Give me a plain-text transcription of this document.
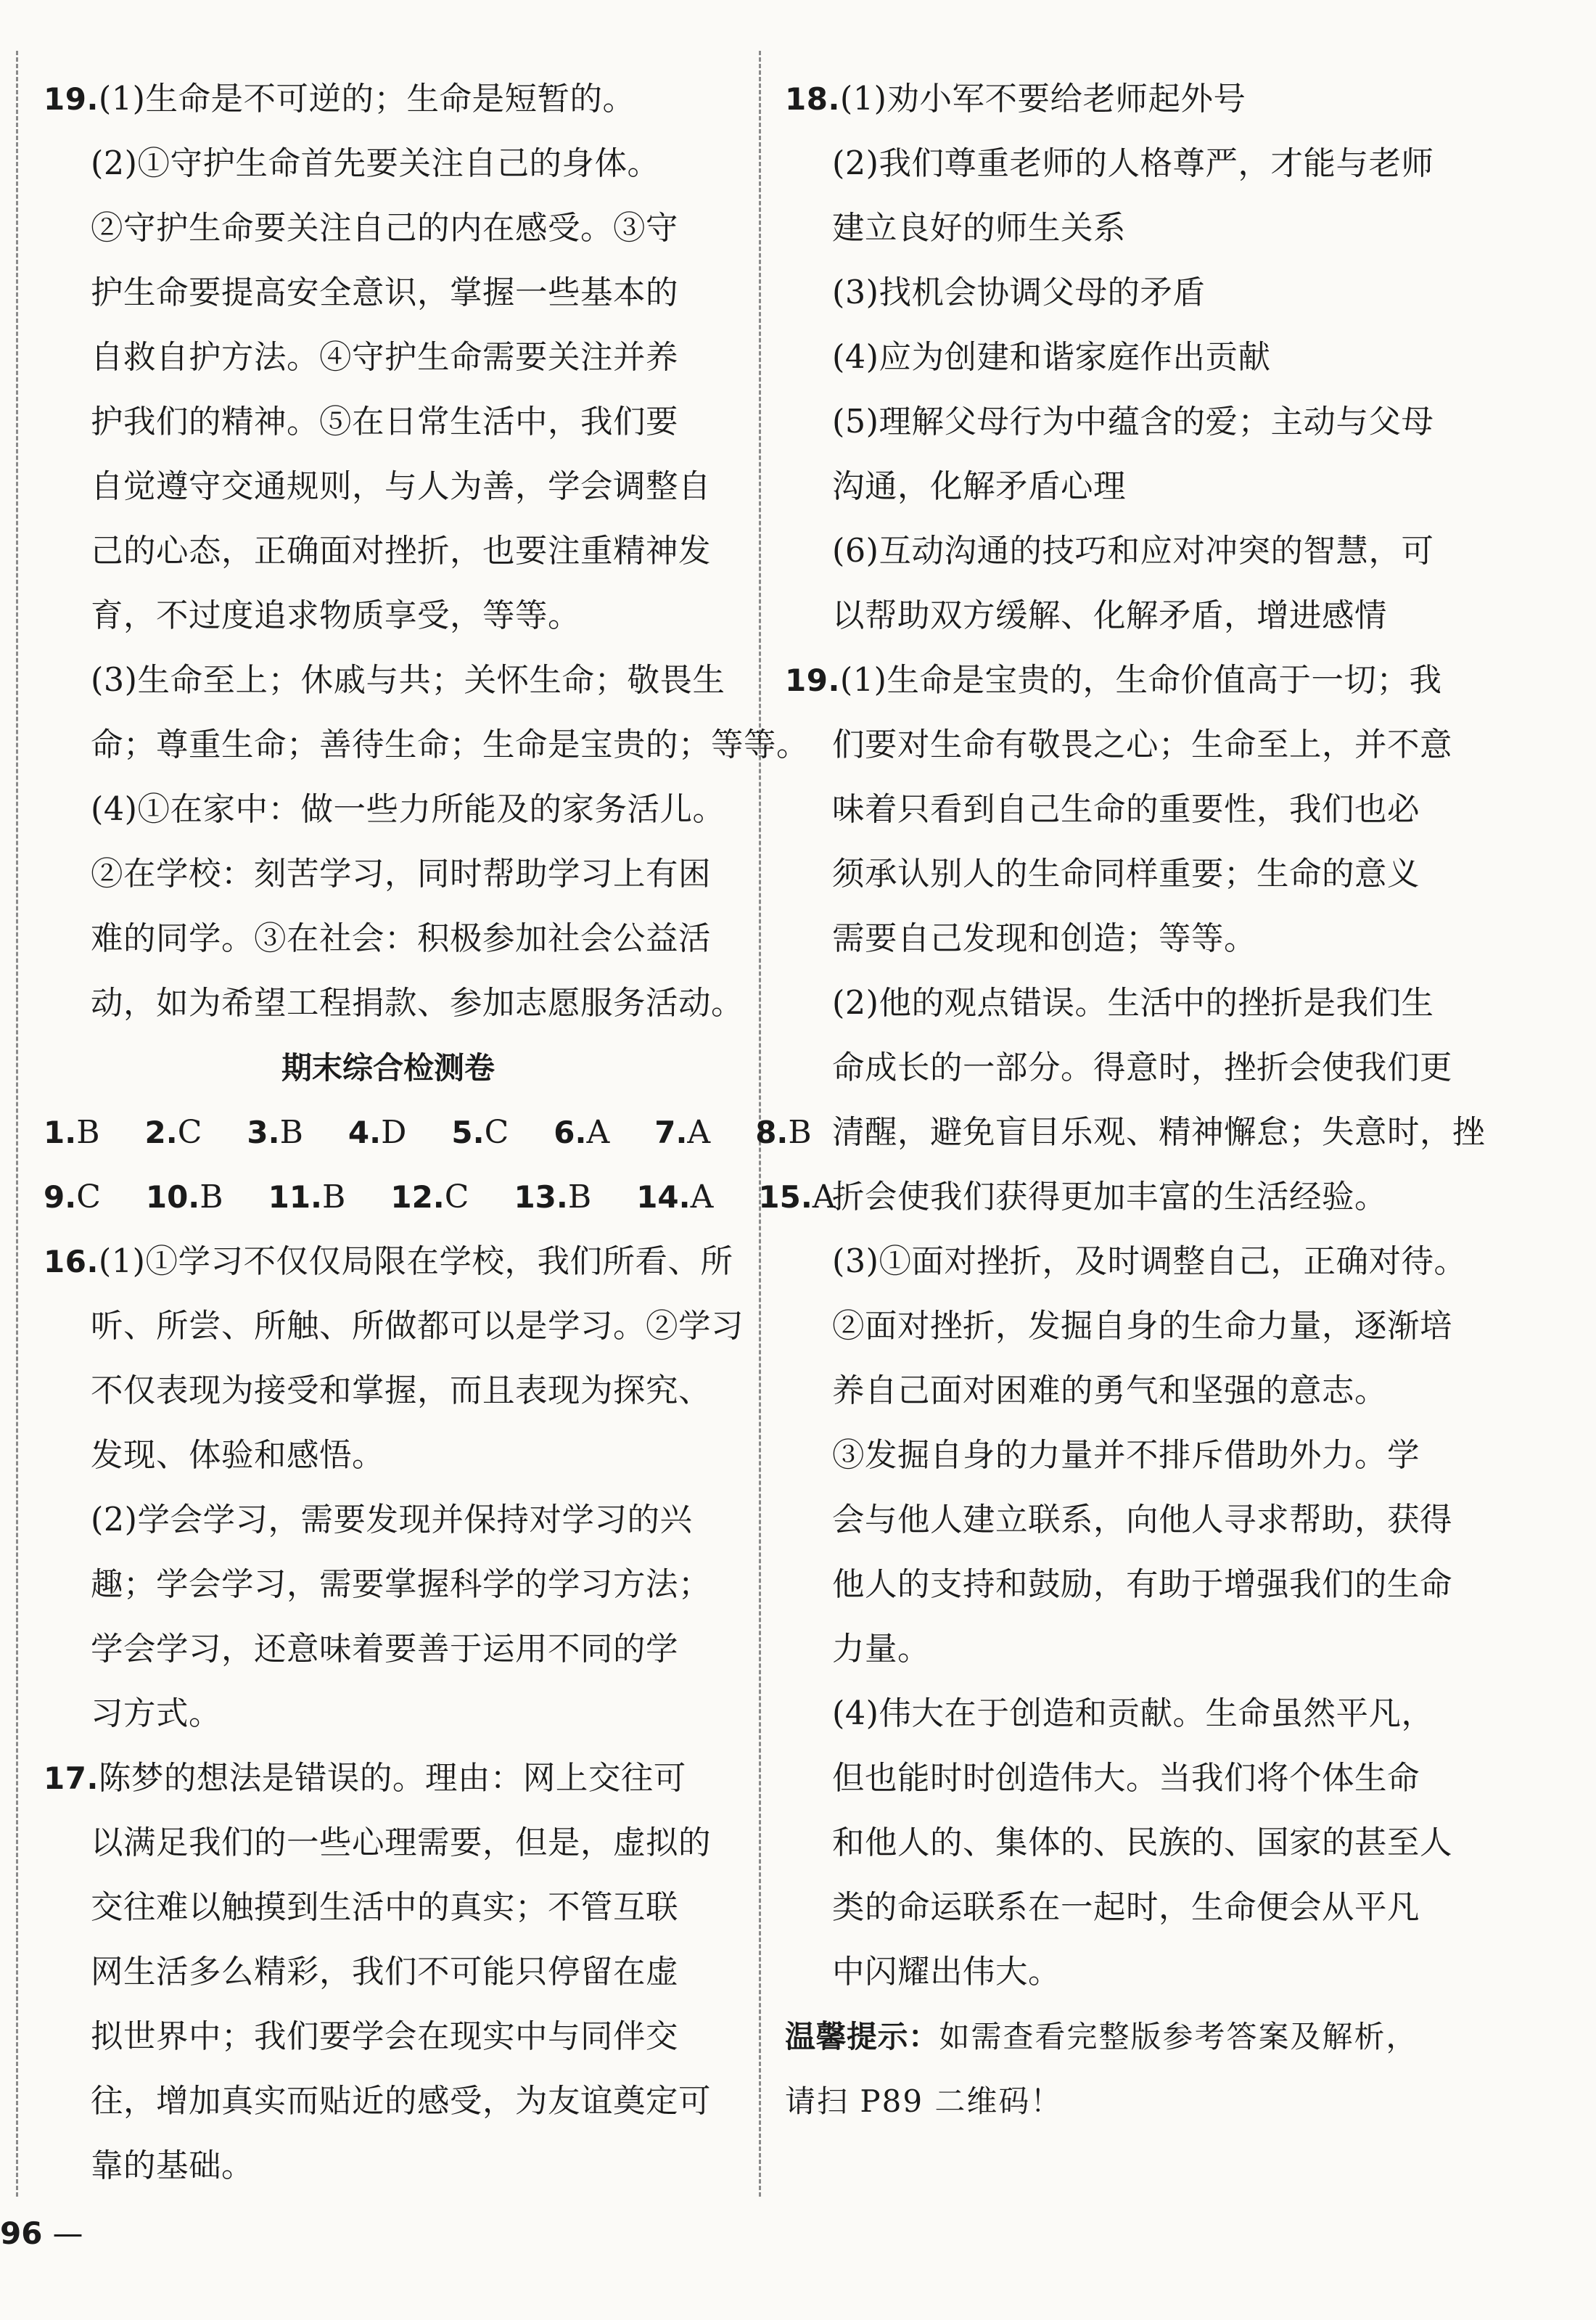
19.(1)生命是不可逆的；生命是短暂的。
(2)①守护生命首先要关注自己的身体。
②守护生命要关注自己的内在感受。③守
护生命要提高安全意识，掌握一些基本的
自救自护方法。④守护生命需要关注并养
护我们的精神。⑤在日常生活中，我们要
自觉遵守交通规则，与人为善，学会调整自
己的心态，正确面对挫折，也要注重精神发
育，不过度追求物质享受，等等。
(3)生命至上；休戚与共；关怀生命；敬畏生
命；尊重生命；善待生命；生命是宝贵的；等等。
(4)①在家中：做一些力所能及的家务活儿。
②在学校：刻苦学习，同时帮助学习上有困
难的同学。③在社会：积极参加社会公益活
动，如为希望工程捐款、参加志愿服务活动。
期末综合检测卷
1.B 2.C 3.B 4.D 5.C 6.A 7.A 8.B
9.C 10.B 11.B 12.C 13.B 14.A 15.A
16.(1)①学习不仅仅局限在学校，我们所看、所
听、所尝、所触、所做都可以是学习。②学习
不仅表现为接受和掌握，而且表现为探究、
发现、体验和感悟。
(2)学会学习，需要发现并保持对学习的兴
趣；学会学习，需要掌握科学的学习方法；
学会学习，还意味着要善于运用不同的学
习方式。
17.陈梦的想法是错误的。理由：网上交往可
以满足我们的一些心理需要，但是，虚拟的
交往难以触摸到生活中的真实；不管互联
网生活多么精彩，我们不可能只停留在虚
拟世界中；我们要学会在现实中与同伴交
往，增加真实而贴近的感受，为友谊奠定可
靠的基础。
18.(1)劝小军不要给老师起外号
(2)我们尊重老师的人格尊严，才能与老师
建立良好的师生关系
(3)找机会协调父母的矛盾
(4)应为创建和谐家庭作出贡献
(5)理解父母行为中蕴含的爱；主动与父母
沟通，化解矛盾心理
(6)互动沟通的技巧和应对冲突的智慧，可
以帮助双方缓解、化解矛盾，增进感情
19.(1)生命是宝贵的，生命价值高于一切；我
们要对生命有敬畏之心；生命至上，并不意
味着只看到自己生命的重要性，我们也必
须承认别人的生命同样重要；生命的意义
需要自己发现和创造；等等。
(2)他的观点错误。生活中的挫折是我们生
命成长的一部分。得意时，挫折会使我们更
清醒，避免盲目乐观、精神懈怠；失意时，挫
折会使我们获得更加丰富的生活经验。
(3)①面对挫折，及时调整自己，正确对待。
②面对挫折，发掘自身的生命力量，逐渐培
养自己面对困难的勇气和坚强的意志。
③发掘自身的力量并不排斥借助外力。学
会与他人建立联系，向他人寻求帮助，获得
他人的支持和鼓励，有助于增强我们的生命
力量。
(4)伟大在于创造和贡献。生命虽然平凡，
但也能时时创造伟大。当我们将个体生命
和他人的、集体的、民族的、国家的甚至人
类的命运联系在一起时，生命便会从平凡
中闪耀出伟大。
温馨提示：如需查看完整版参考答案及解析，
请扫 P89 二维码！
96 —
